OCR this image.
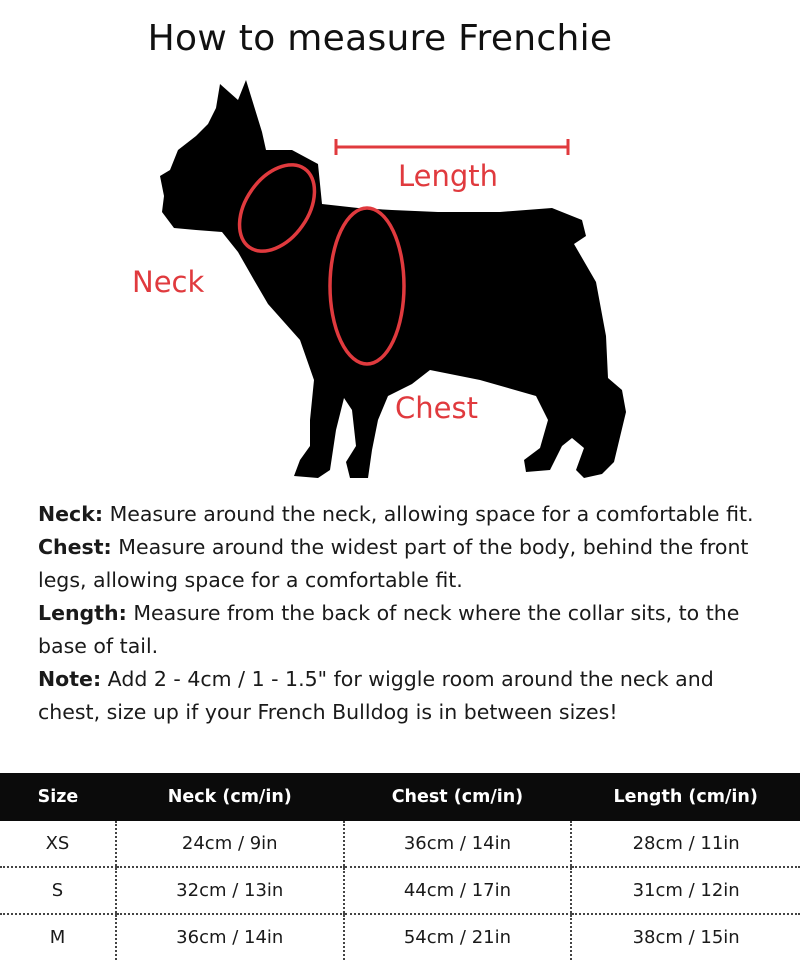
How to measure Frenchie
Length
Neck
Chest

Neck: Measure around the neck, allowing space for a comfortable fit.

Chest: Measure around the widest part of the body, behind the front legs, allowing space for a comfortable fit.

Length: Measure from the back of neck where the collar sits, to the base of tail.

Note: Add 2 - 4cm / 1 - 1.5" for wiggle room around the neck and chest, size up if your French Bulldog is in between sizes!

Size	Neck (cm/in)	Chest (cm/in)	Length (cm/in)
XS	24cm / 9in	36cm / 14in	28cm / 11in
S	32cm / 13in	44cm / 17in	31cm / 12in
M	36cm / 14in	54cm / 21in	38cm / 15in
